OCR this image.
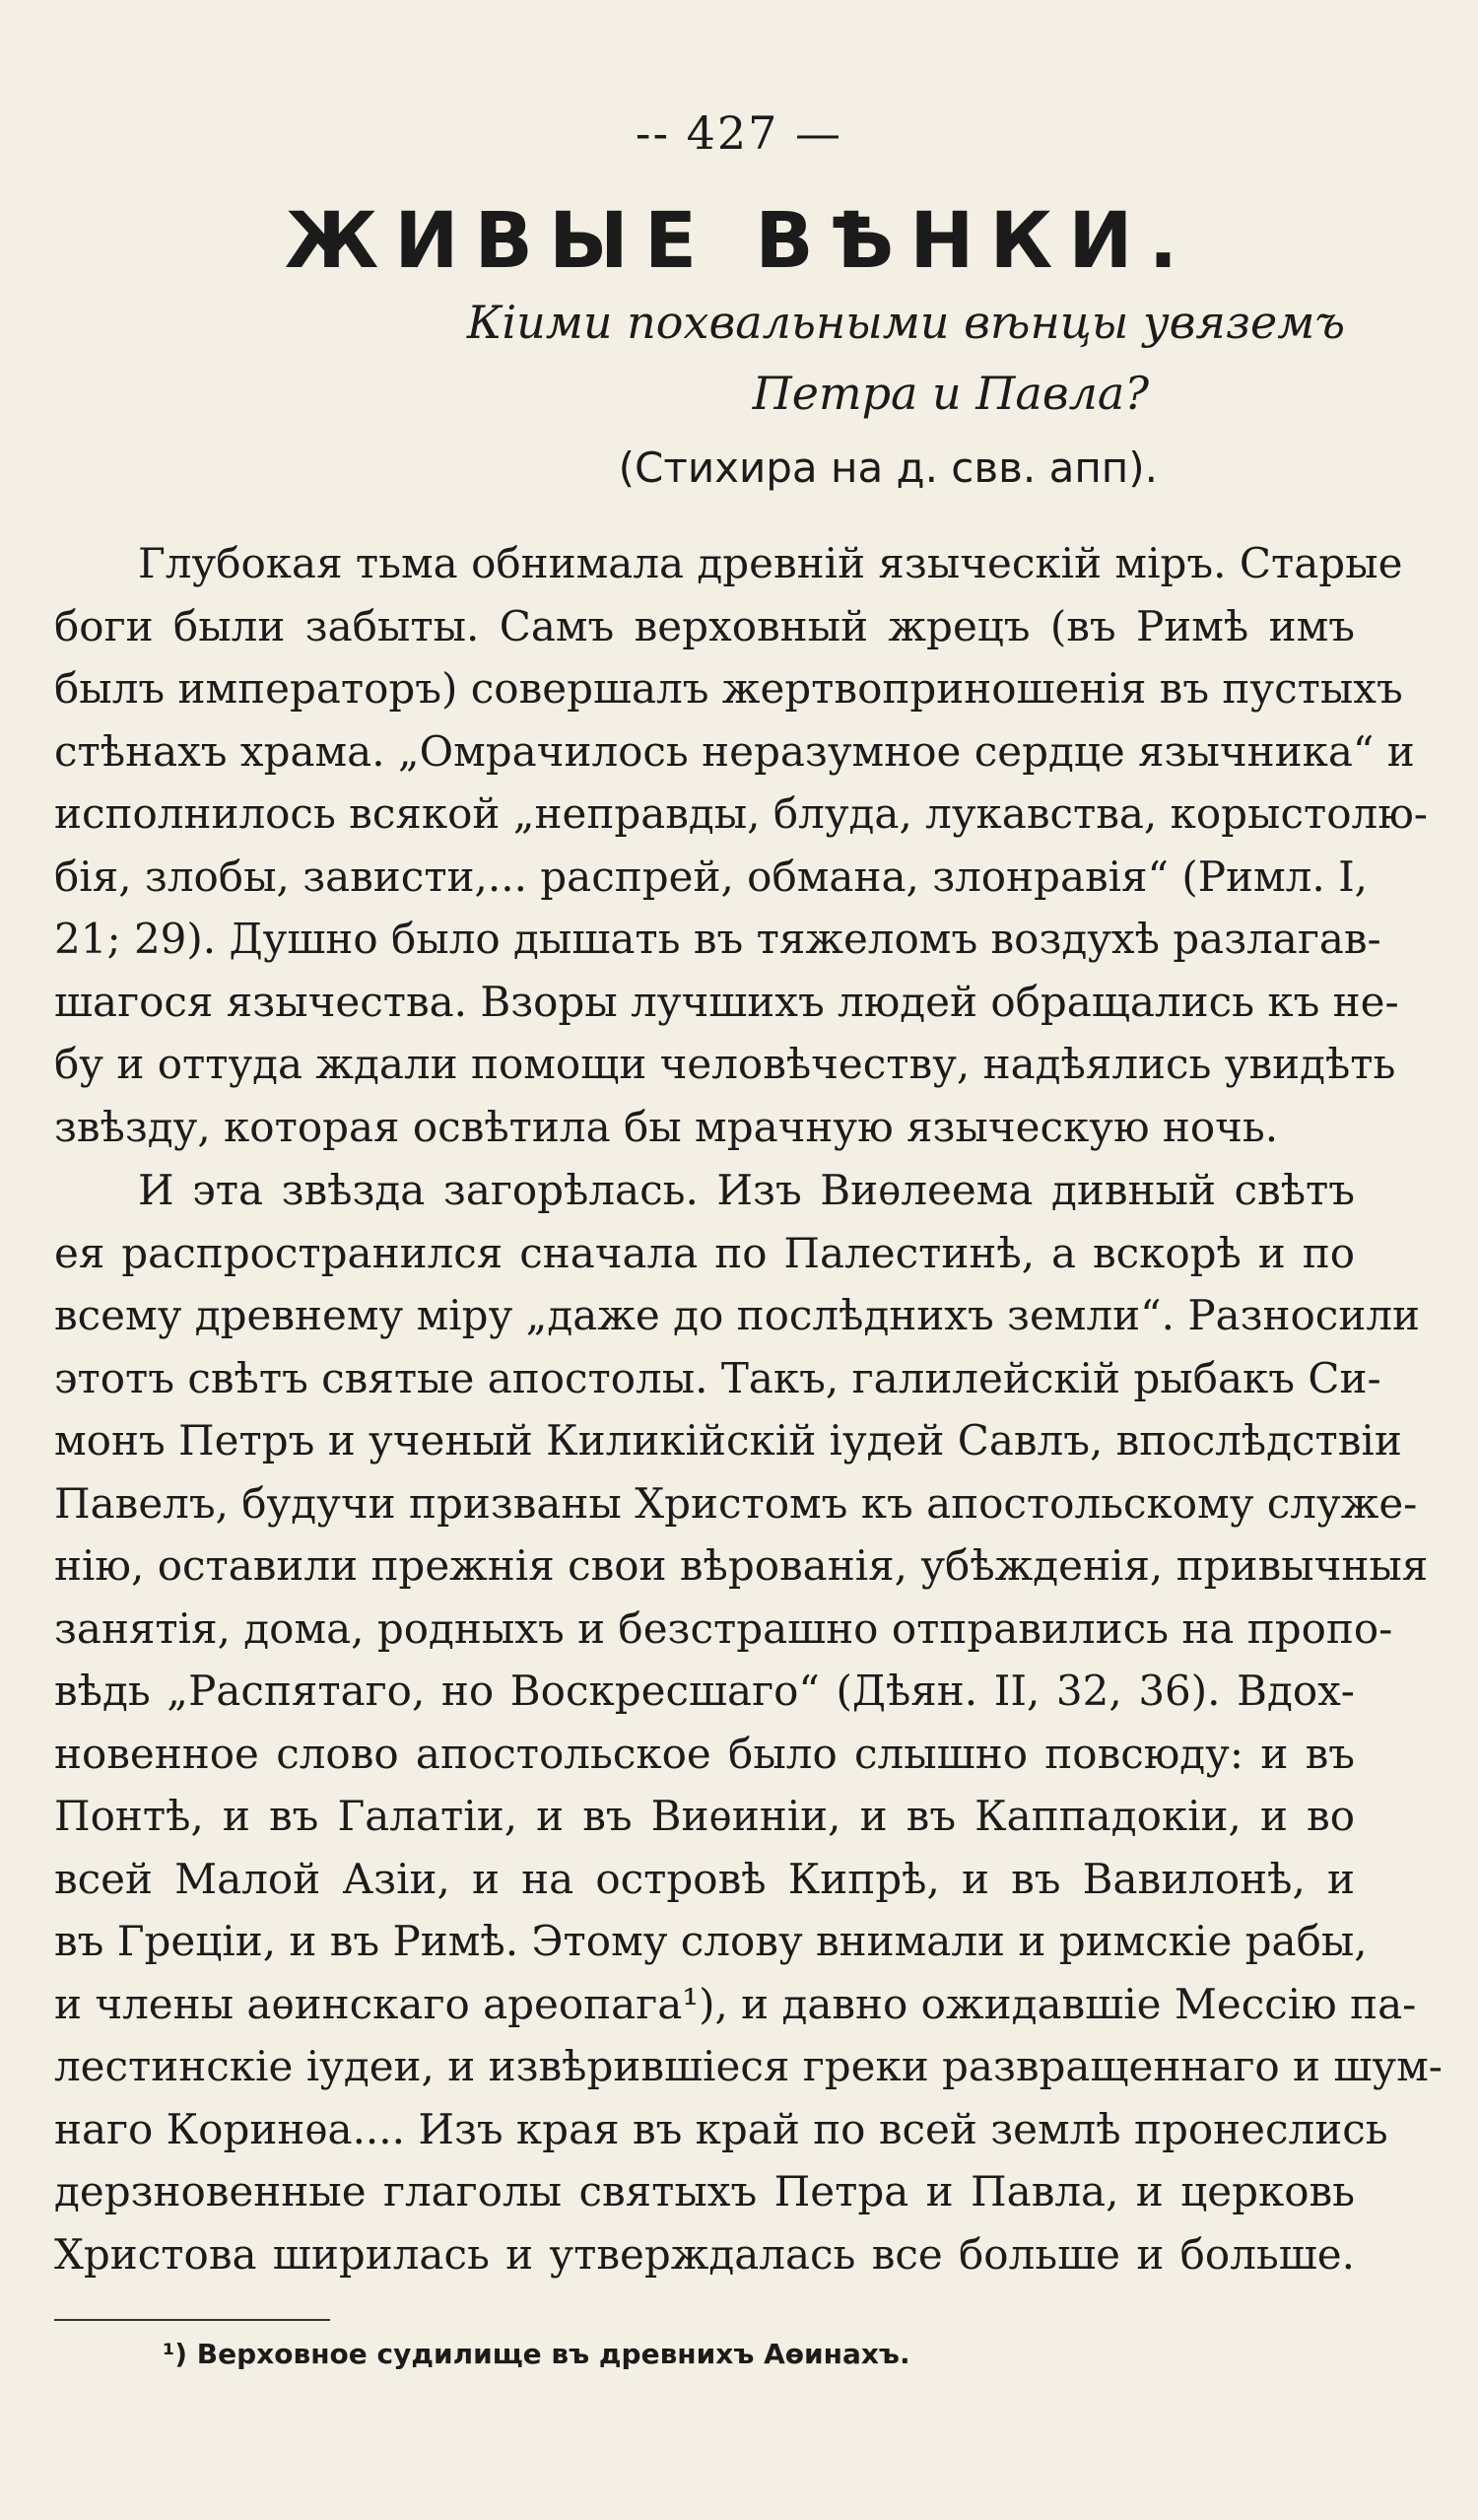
-- 427 —
ЖИВЫЕ ВѢНКИ.
Кіими похвальными вѣнцы увяземъ
Петра и Павла?
(Стихира на д. свв. апп).
Глубокая тьма обнимала древній языческій міръ. Старые
боги были забыты. Самъ верховный жрецъ (въ Римѣ имъ
былъ императоръ) совершалъ жертвоприношенія въ пустыхъ
стѣнахъ храма. „Омрачилось неразумное сердце язычника“ и
исполнилось всякой „неправды, блуда, лукавства, корыстолю-
бія, злобы, зависти,... распрей, обмана, злонравія“ (Римл. I,
21; 29). Душно было дышать въ тяжеломъ воздухѣ разлагав-
шагося язычества. Взоры лучшихъ людей обращались къ не-
бу и оттуда ждали помощи человѣчеству, надѣялись увидѣть
звѣзду, которая освѣтила бы мрачную языческую ночь.
И эта звѣзда загорѣлась. Изъ Виѳлеема дивный свѣтъ
ея распространился сначала по Палестинѣ, а вскорѣ и по
всему древнему міру „даже до послѣднихъ земли“. Разносили
этотъ свѣтъ святые апостолы. Такъ, галилейскій рыбакъ Си-
монъ Петръ и ученый Киликійскій іудей Савлъ, впослѣдствіи
Павелъ, будучи призваны Христомъ къ апостольскому служе-
нію, оставили прежнія свои вѣрованія, убѣжденія, привычныя
занятія, дома, родныхъ и безстрашно отправились на пропо-
вѣдь „Распятаго, но Воскресшаго“ (Дѣян. II, 32, 36). Вдох-
новенное слово апостольское было слышно повсюду: и въ
Понтѣ, и въ Галатіи, и въ Виѳиніи, и въ Каппадокіи, и во
всей Малой Азіи, и на островѣ Кипрѣ, и въ Вавилонѣ, и
въ Греціи, и въ Римѣ. Этому слову внимали и римскіе рабы,
и члены аѳинскаго ареопага¹), и давно ожидавшіе Мессію па-
лестинскіе іудеи, и извѣрившіеся греки развращеннаго и шум-
наго Коринѳа.... Изъ края въ край по всей землѣ пронеслись
дерзновенные глаголы святыхъ Петра и Павла, и церковь
Христова ширилась и утверждалась все больше и больше.
¹) Верховное судилище въ древнихъ Аѳинахъ.
